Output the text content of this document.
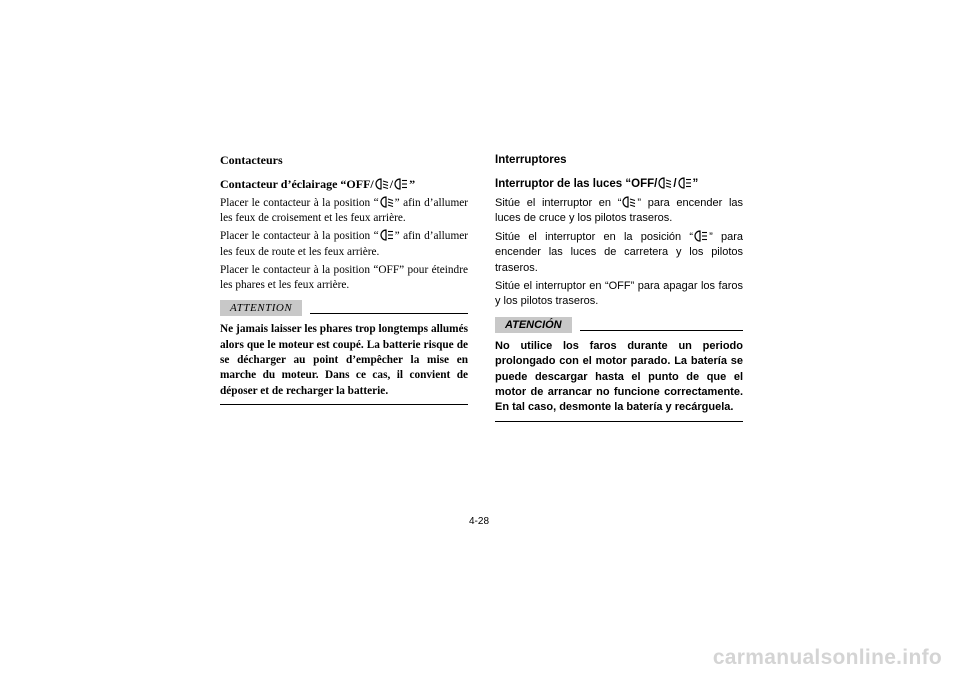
Contacteurs
Contacteur d’éclairage “OFF/ / ”
Placer le contacteur à la position “ ” afin d’allumer les feux de croisement et les feux arrière.
Placer le contacteur à la position “ ” afin d’allumer les feux de route et les feux arrière.
Placer le contacteur à la position “OFF” pour éteindre les phares et les feux arrière.
ATTENTION
Ne jamais laisser les phares trop longtemps allumés alors que le moteur est coupé. La batterie risque de se décharger au point d’empêcher la mise en marche du moteur. Dans ce cas, il convient de déposer et de recharger la batterie.
Interruptores
Interruptor de las luces “OFF/ / ”
Sitúe el interruptor en “ ” para encender las luces de cruce y los pilotos traseros.
Sitúe el interruptor en la posición “ ” para encender las luces de carretera y los pilotos traseros.
Sitúe el interruptor en “OFF” para apagar los faros y los pilotos traseros.
ATENCIÓN
No utilice los faros durante un periodo prolongado con el motor parado. La batería se puede descargar hasta el punto de que el motor de arrancar no funcione correctamente. En tal caso, desmonte la batería y recárguela.
4-28
carmanualsonline.info
